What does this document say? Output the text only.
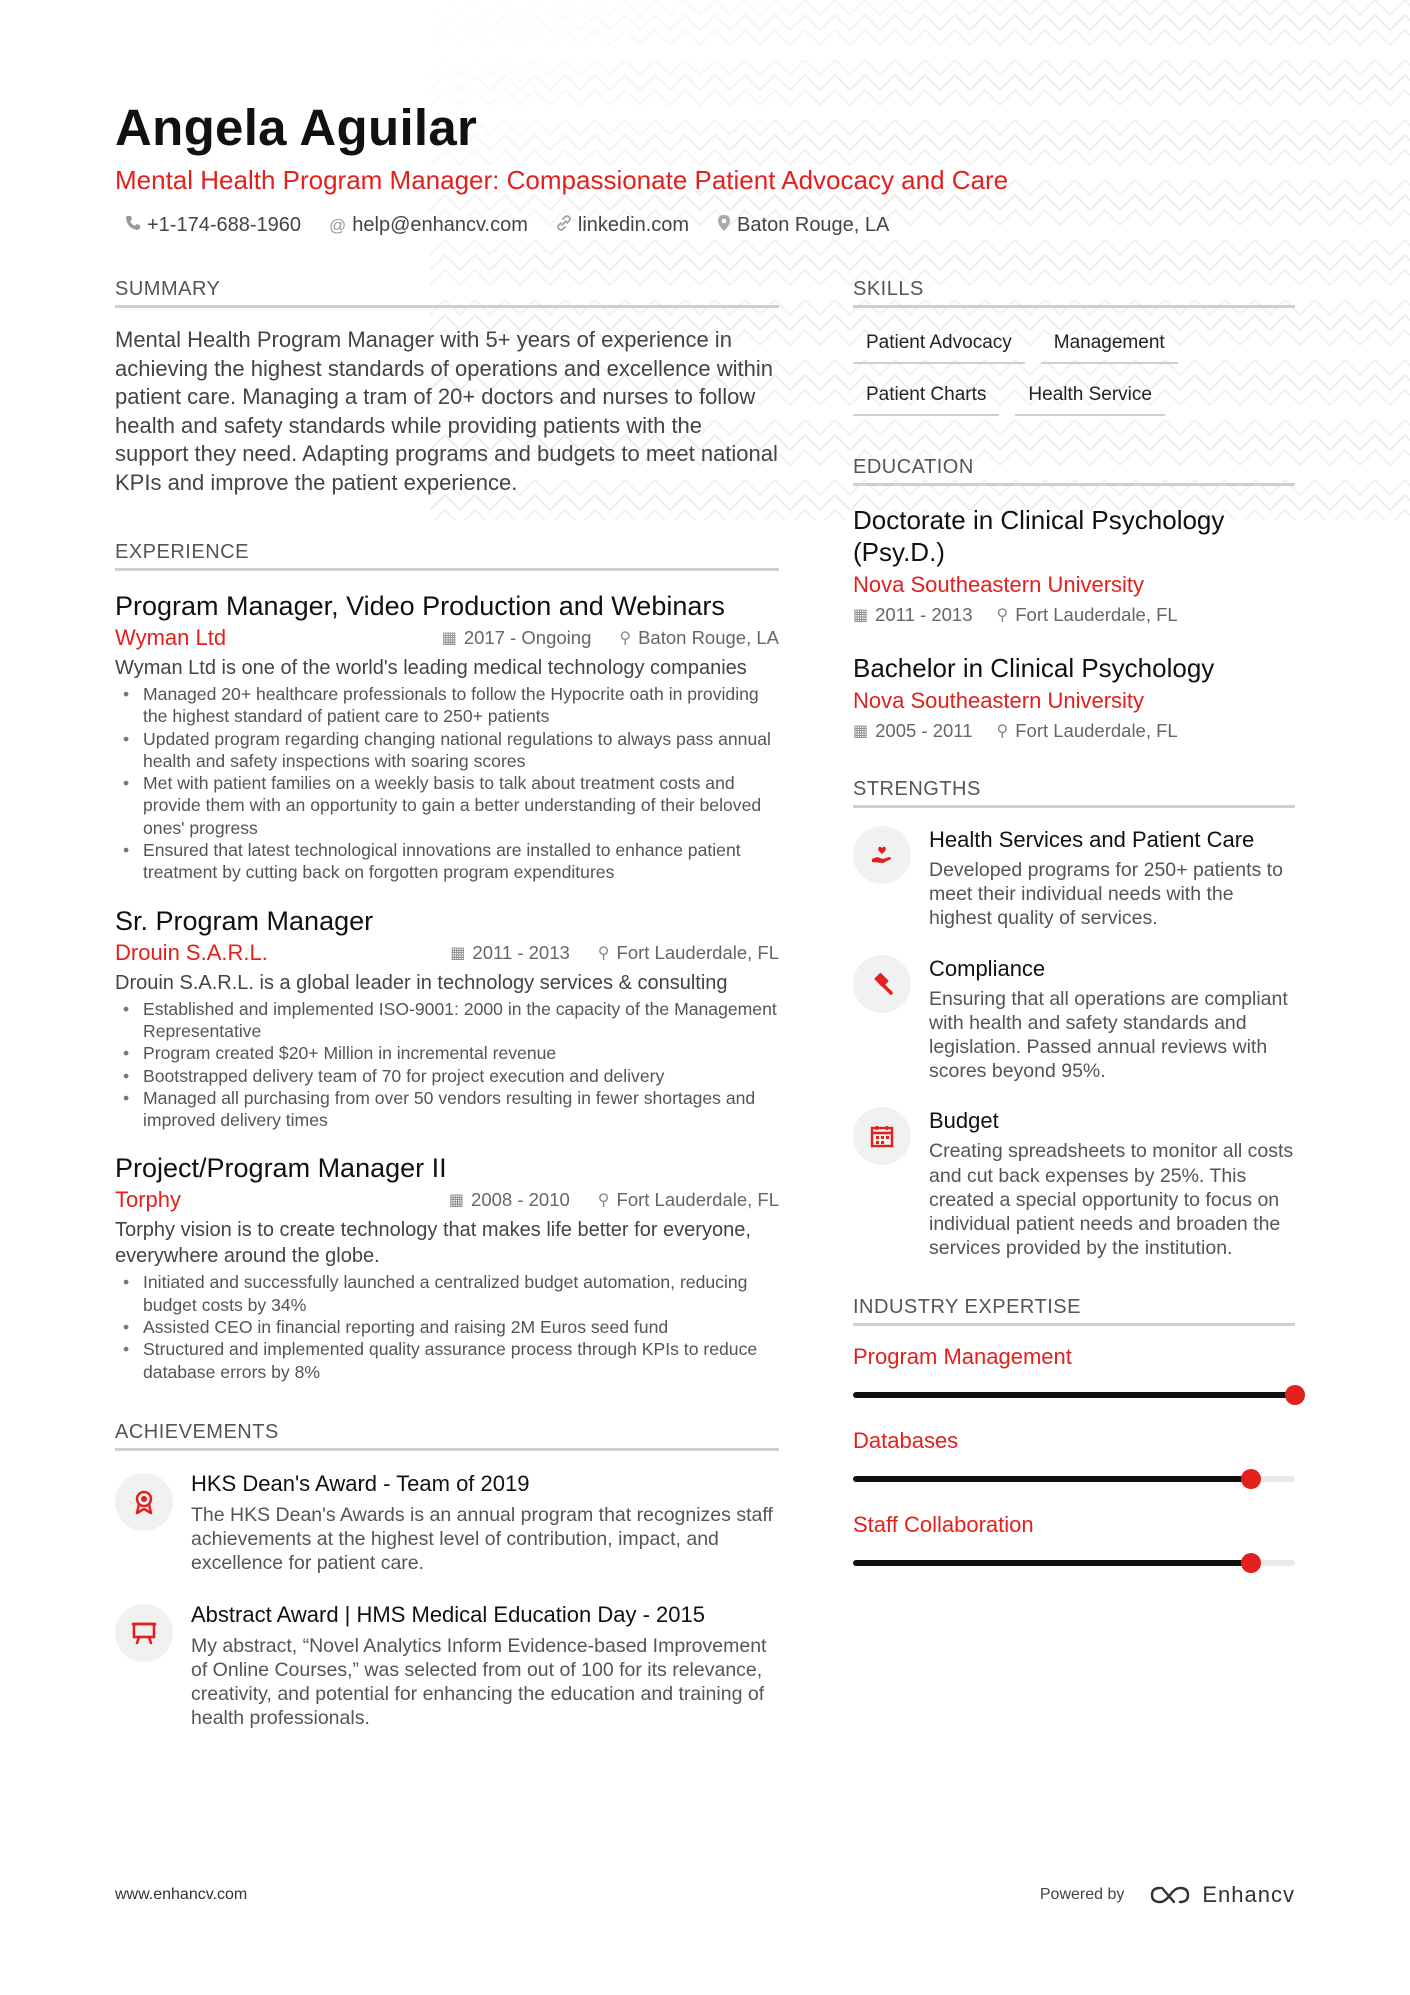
Angela Aguilar
Mental Health Program Manager: Compassionate Patient Advocacy and Care
+1-174-688-1960 @ help@enhancv.com	linkedin.com Baton Rouge, LA
SUMMARY
Mental Health Program Manager with 5+ years of experience in achieving the highest standards of operations and excellence within patient care. Managing a tram of 20+ doctors and nurses to follow health and safety standards while providing patients with the support they need. Adapting programs and budgets to meet national KPIs and improve the patient experience.
EXPERIENCE
Program Manager, Video Production and Webinars
Wyman Ltd	▦ 2017 - Ongoing ⚲ Baton Rouge, LA
Wyman Ltd is one of the world's leading medical technology companies
• Managed 20+ healthcare professionals to follow the Hypocrite oath in providing the highest standard of patient care to 250+ patients
• Updated program regarding changing national regulations to always pass annual health and safety inspections with soaring scores
• Met with patient families on a weekly basis to talk about treatment costs and provide them with an opportunity to gain a better understanding of their beloved ones' progress
• Ensured that latest technological innovations are installed to enhance patient treatment by cutting back on forgotten program expenditures
Sr. Program Manager
Drouin S.A.R.L.	▦ 2011 - 2013 ⚲ Fort Lauderdale, FL
Drouin S.A.R.L. is a global leader in technology services & consulting
• Established and implemented ISO-9001: 2000 in the capacity of the Management Representative
• Program created $20+ Million in incremental revenue
• Bootstrapped delivery team of 70 for project execution and delivery
• Managed all purchasing from over 50 vendors resulting in fewer shortages and improved delivery times
Project/Program Manager II
Torphy	▦ 2008 - 2010 ⚲ Fort Lauderdale, FL
Torphy vision is to create technology that makes life better for everyone, everywhere around the globe.
• Initiated and successfully launched a centralized budget automation, reducing budget costs by 34%
• Assisted CEO in financial reporting and raising 2M Euros seed fund
• Structured and implemented quality assurance process through KPIs to reduce database errors by 8%
ACHIEVEMENTS
HKS Dean's Award - Team of 2019
The HKS Dean's Awards is an annual program that recognizes staff achievements at the highest level of contribution, impact, and excellence for patient care.
Abstract Award | HMS Medical Education Day - 2015
My abstract, “Novel Analytics Inform Evidence-based Improvement of Online Courses,” was selected from out of 100 for its relevance, creativity, and potential for enhancing the education and training of health professionals.
SKILLS
Patient Advocacy	Management
Patient Charts	Health Service
EDUCATION
Doctorate in Clinical Psychology (Psy.D.)
Nova Southeastern University
▦ 2011 - 2013 ⚲ Fort Lauderdale, FL
Bachelor in Clinical Psychology
Nova Southeastern University
▦ 2005 - 2011 ⚲ Fort Lauderdale, FL
STRENGTHS
Health Services and Patient Care
Developed programs for 250+ patients to meet their individual needs with the highest quality of services.
Compliance
Ensuring that all operations are compliant with health and safety standards and legislation. Passed annual reviews with scores beyond 95%.
Budget
Creating spreadsheets to monitor all costs and cut back expenses by 25%. This created a special opportunity to focus on individual patient needs and broaden the services provided by the institution.
INDUSTRY EXPERTISE
Program Management
Databases
Staff Collaboration
www.enhancv.com	Powered by	Enhancv
